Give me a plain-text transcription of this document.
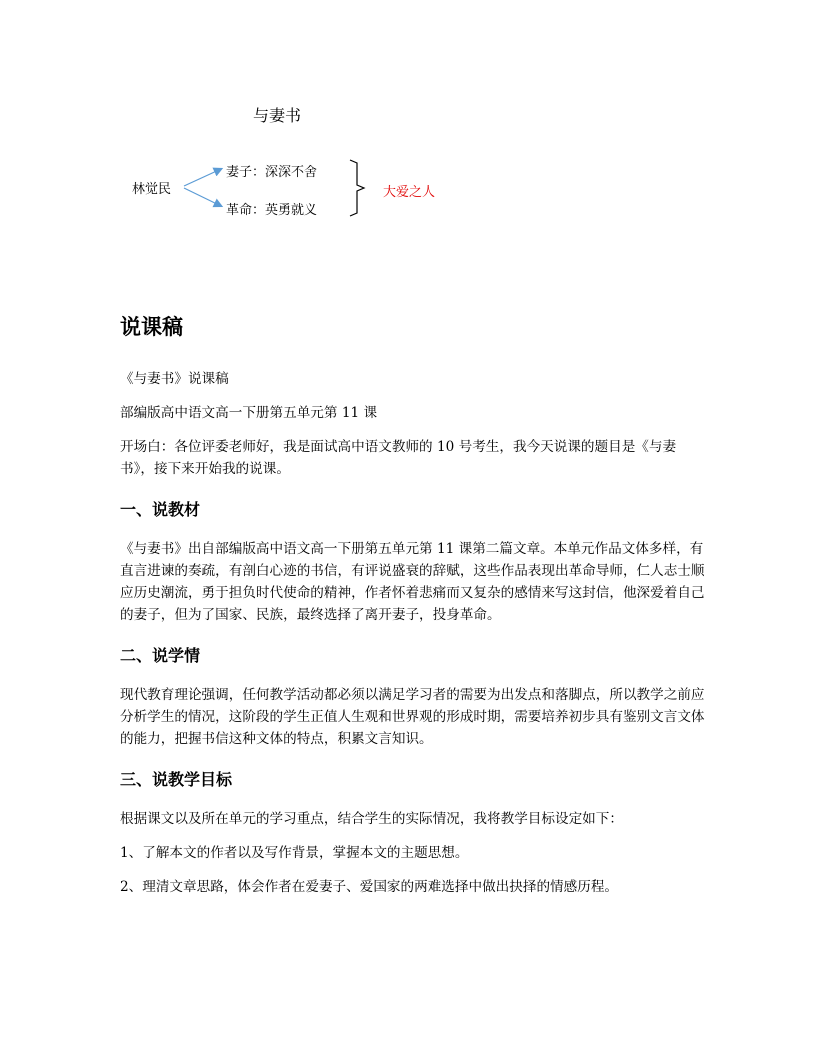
与妻书
林觉民
妻子：深深不舍
革命：英勇就义
大爱之人
说课稿

《与妻书》说课稿

部编版高中语文高一下册第五单元第 11 课

开场白：各位评委老师好，我是面试高中语文教师的 10 号考生，我今天说课的题目是《与妻书》，接下来开始我的说课。

一、说教材

《与妻书》出自部编版高中语文高一下册第五单元第 11 课第二篇文章。本单元作品文体多样，有直言进谏的奏疏，有剖白心迹的书信，有评说盛衰的辞赋，这些作品表现出革命导师，仁人志士顺应历史潮流，勇于担负时代使命的精神，作者怀着悲痛而又复杂的感情来写这封信，他深爱着自己的妻子，但为了国家、民族，最终选择了离开妻子，投身革命。

二、说学情

现代教育理论强调，任何教学活动都必须以满足学习者的需要为出发点和落脚点，所以教学之前应分析学生的情况，这阶段的学生正值人生观和世界观的形成时期，需要培养初步具有鉴别文言文体的能力，把握书信这种文体的特点，积累文言知识。

三、说教学目标

根据课文以及所在单元的学习重点，结合学生的实际情况，我将教学目标设定如下：

1、了解本文的作者以及写作背景，掌握本文的主题思想。

2、理清文章思路，体会作者在爱妻子、爱国家的两难选择中做出抉择的情感历程。
